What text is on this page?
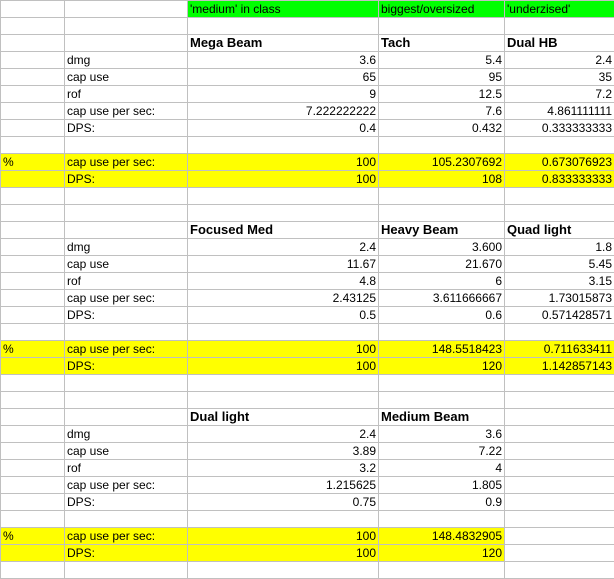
'medium' in class	biggest/oversized	'underzised'
Mega Beam	Tach	Dual HB
dmg	3.6	5.4	2.4
cap use	65	95	35
rof	9	12.5	7.2
cap use per sec:	7.222222222	7.6	4.861111111
DPS:	0.4	0.432	0.333333333
%	cap use per sec:	100	105.2307692	0.673076923
DPS:	100	108	0.833333333
Focused Med	Heavy Beam	Quad light
dmg	2.4	3.600	1.8
cap use	11.67	21.670	5.45
rof	4.8	6	3.15
cap use per sec:	2.43125	3.611666667	1.73015873
DPS:	0.5	0.6	0.571428571
%	cap use per sec:	100	148.5518423	0.711633411
DPS:	100	120	1.142857143
Dual light	Medium Beam
dmg	2.4	3.6
cap use	3.89	7.22
rof	3.2	4
cap use per sec:	1.215625	1.805
DPS:	0.75	0.9
%	cap use per sec:	100	148.4832905
DPS:	100	120
